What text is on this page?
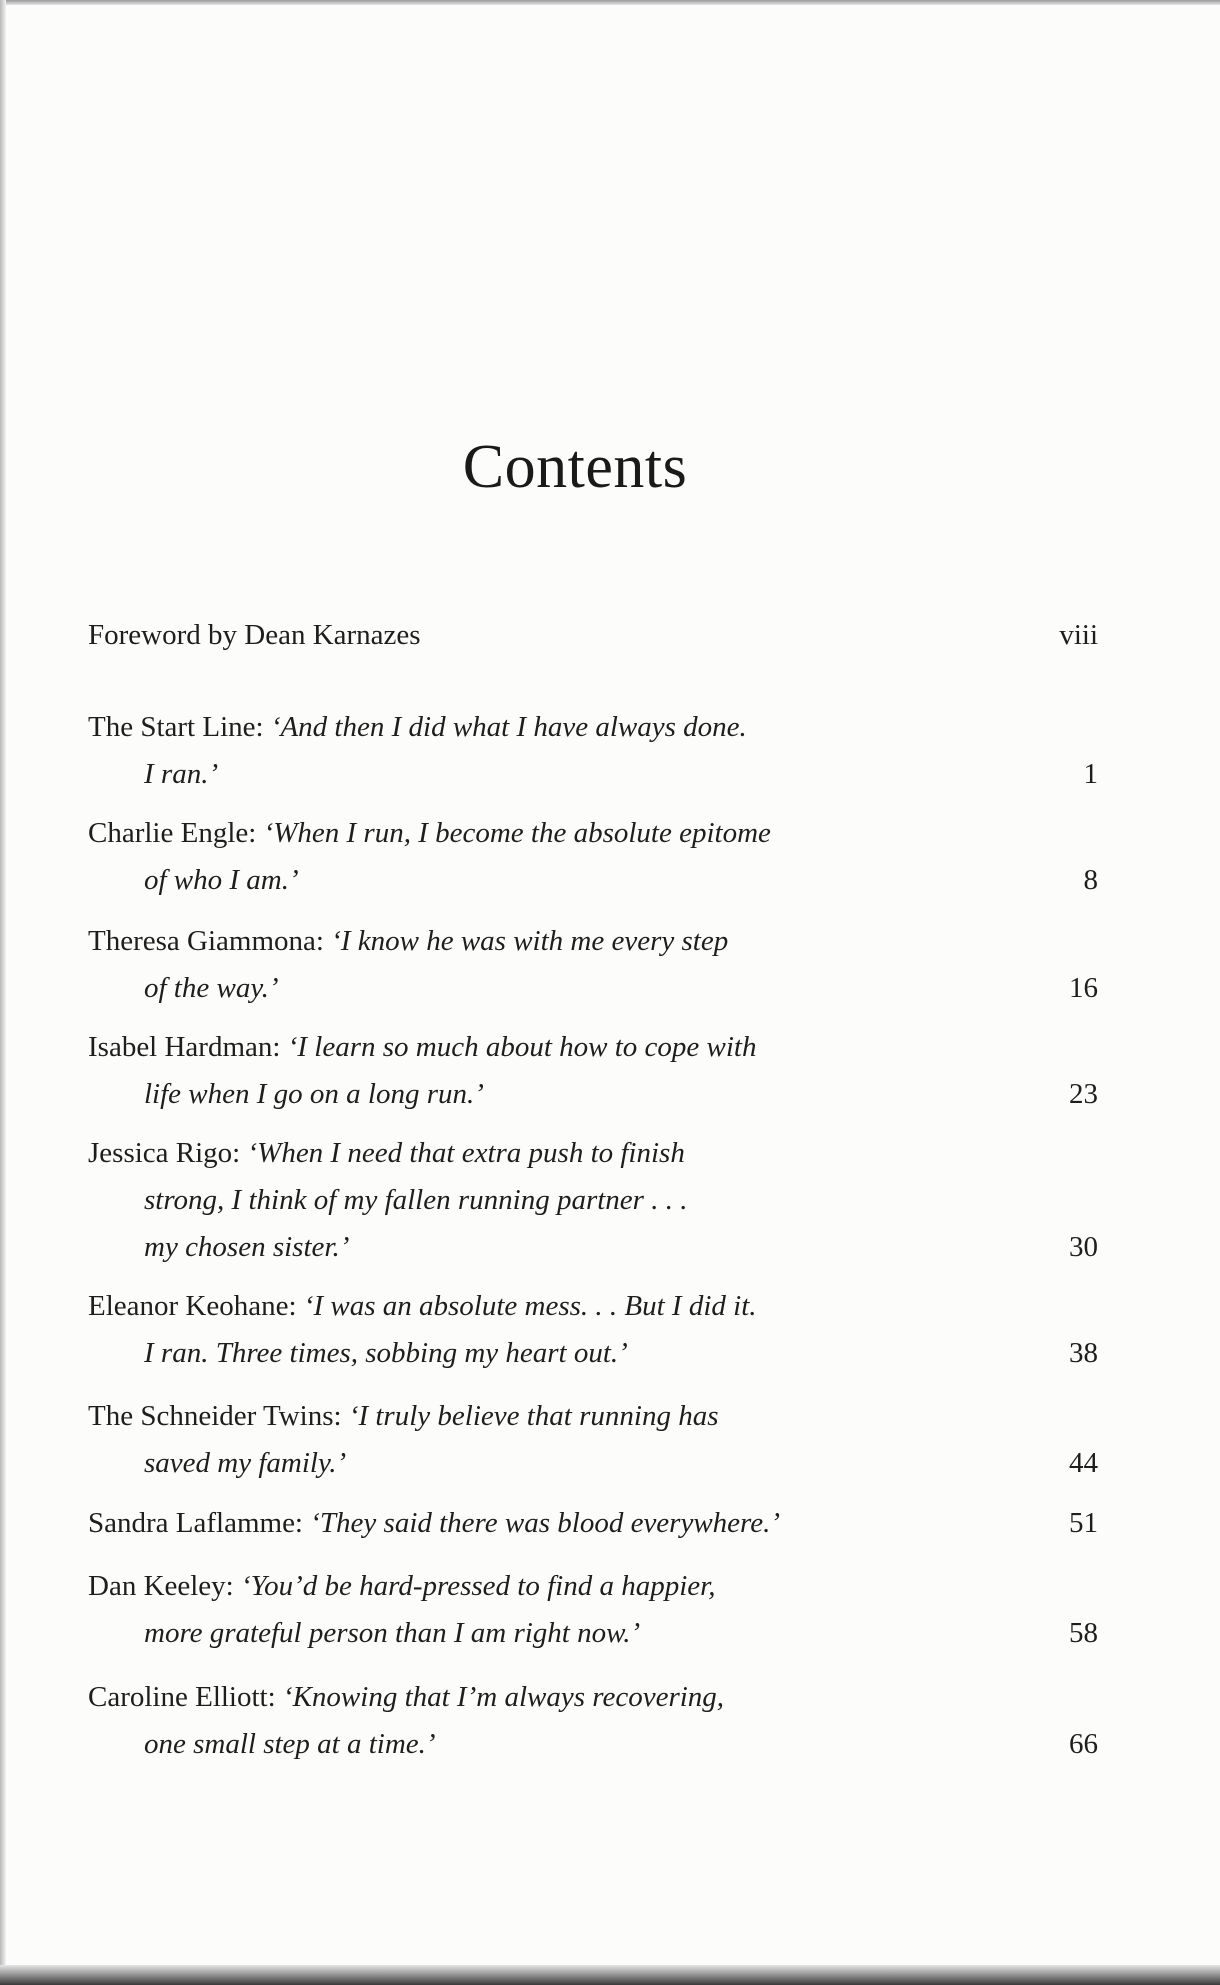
Contents
Foreword by Dean Karnazes	viii
The Start Line: ‘And then I did what I have always done.
I ran.’	1
Charlie Engle: ‘When I run, I become the absolute epitome
of who I am.’	8
Theresa Giammona: ‘I know he was with me every step
of the way.’	16
Isabel Hardman: ‘I learn so much about how to cope with
life when I go on a long run.’	23
Jessica Rigo: ‘When I need that extra push to finish
strong, I think of my fallen running partner . . .
my chosen sister.’	30
Eleanor Keohane: ‘I was an absolute mess. . . But I did it.
I ran. Three times, sobbing my heart out.’	38
The Schneider Twins: ‘I truly believe that running has
saved my family.’	44
Sandra Laflamme: ‘They said there was blood everywhere.’	51
Dan Keeley: ‘You’d be hard-pressed to find a happier,
more grateful person than I am right now.’	58
Caroline Elliott: ‘Knowing that I’m always recovering,
one small step at a time.’	66
